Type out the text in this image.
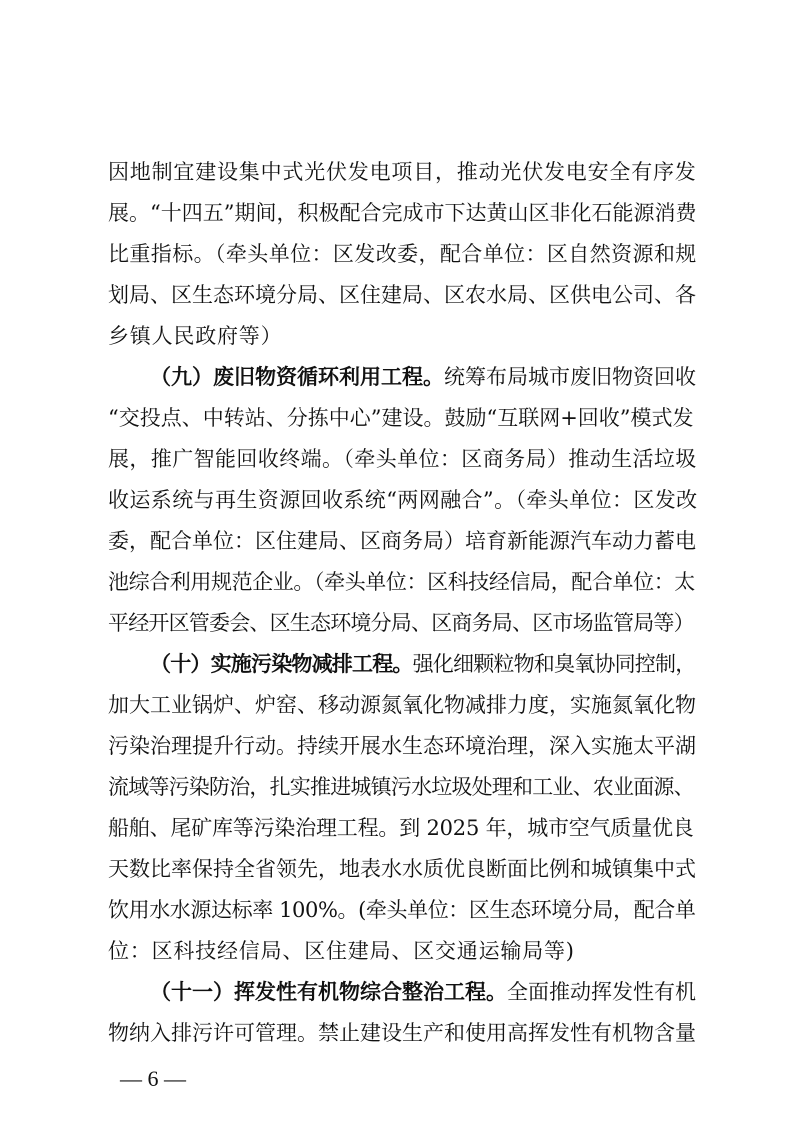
因地制宜建设集中式光伏发电项目，推动光伏发电安全有序发
展。“十四五”期间，积极配合完成市下达黄山区非化石能源消费
比重指标。（牵头单位：区发改委，配合单位：区自然资源和规
划局、区生态环境分局、区住建局、区农水局、区供电公司、各
乡镇人民政府等）
（九）废旧物资循环利用工程。统筹布局城市废旧物资回收
“交投点、中转站、分拣中心”建设。鼓励“互联网+回收”模式发
展，推广智能回收终端。（牵头单位：区商务局）推动生活垃圾
收运系统与再生资源回收系统“两网融合”。（牵头单位：区发改
委，配合单位：区住建局、区商务局）培育新能源汽车动力蓄电
池综合利用规范企业。（牵头单位：区科技经信局，配合单位：太
平经开区管委会、区生态环境分局、区商务局、区市场监管局等）
（十）实施污染物减排工程。强化细颗粒物和臭氧协同控制，
加大工业锅炉、炉窑、移动源氮氧化物减排力度，实施氮氧化物
污染治理提升行动。持续开展水生态环境治理，深入实施太平湖
流域等污染防治，扎实推进城镇污水垃圾处理和工业、农业面源、
船舶、尾矿库等污染治理工程。到 2025 年，城市空气质量优良
天数比率保持全省领先，地表水水质优良断面比例和城镇集中式
饮用水水源达标率 100%。(牵头单位：区生态环境分局，配合单
位：区科技经信局、区住建局、区交通运输局等)
（十一）挥发性有机物综合整治工程。全面推动挥发性有机
物纳入排污许可管理。禁止建设生产和使用高挥发性有机物含量
— 6 —
